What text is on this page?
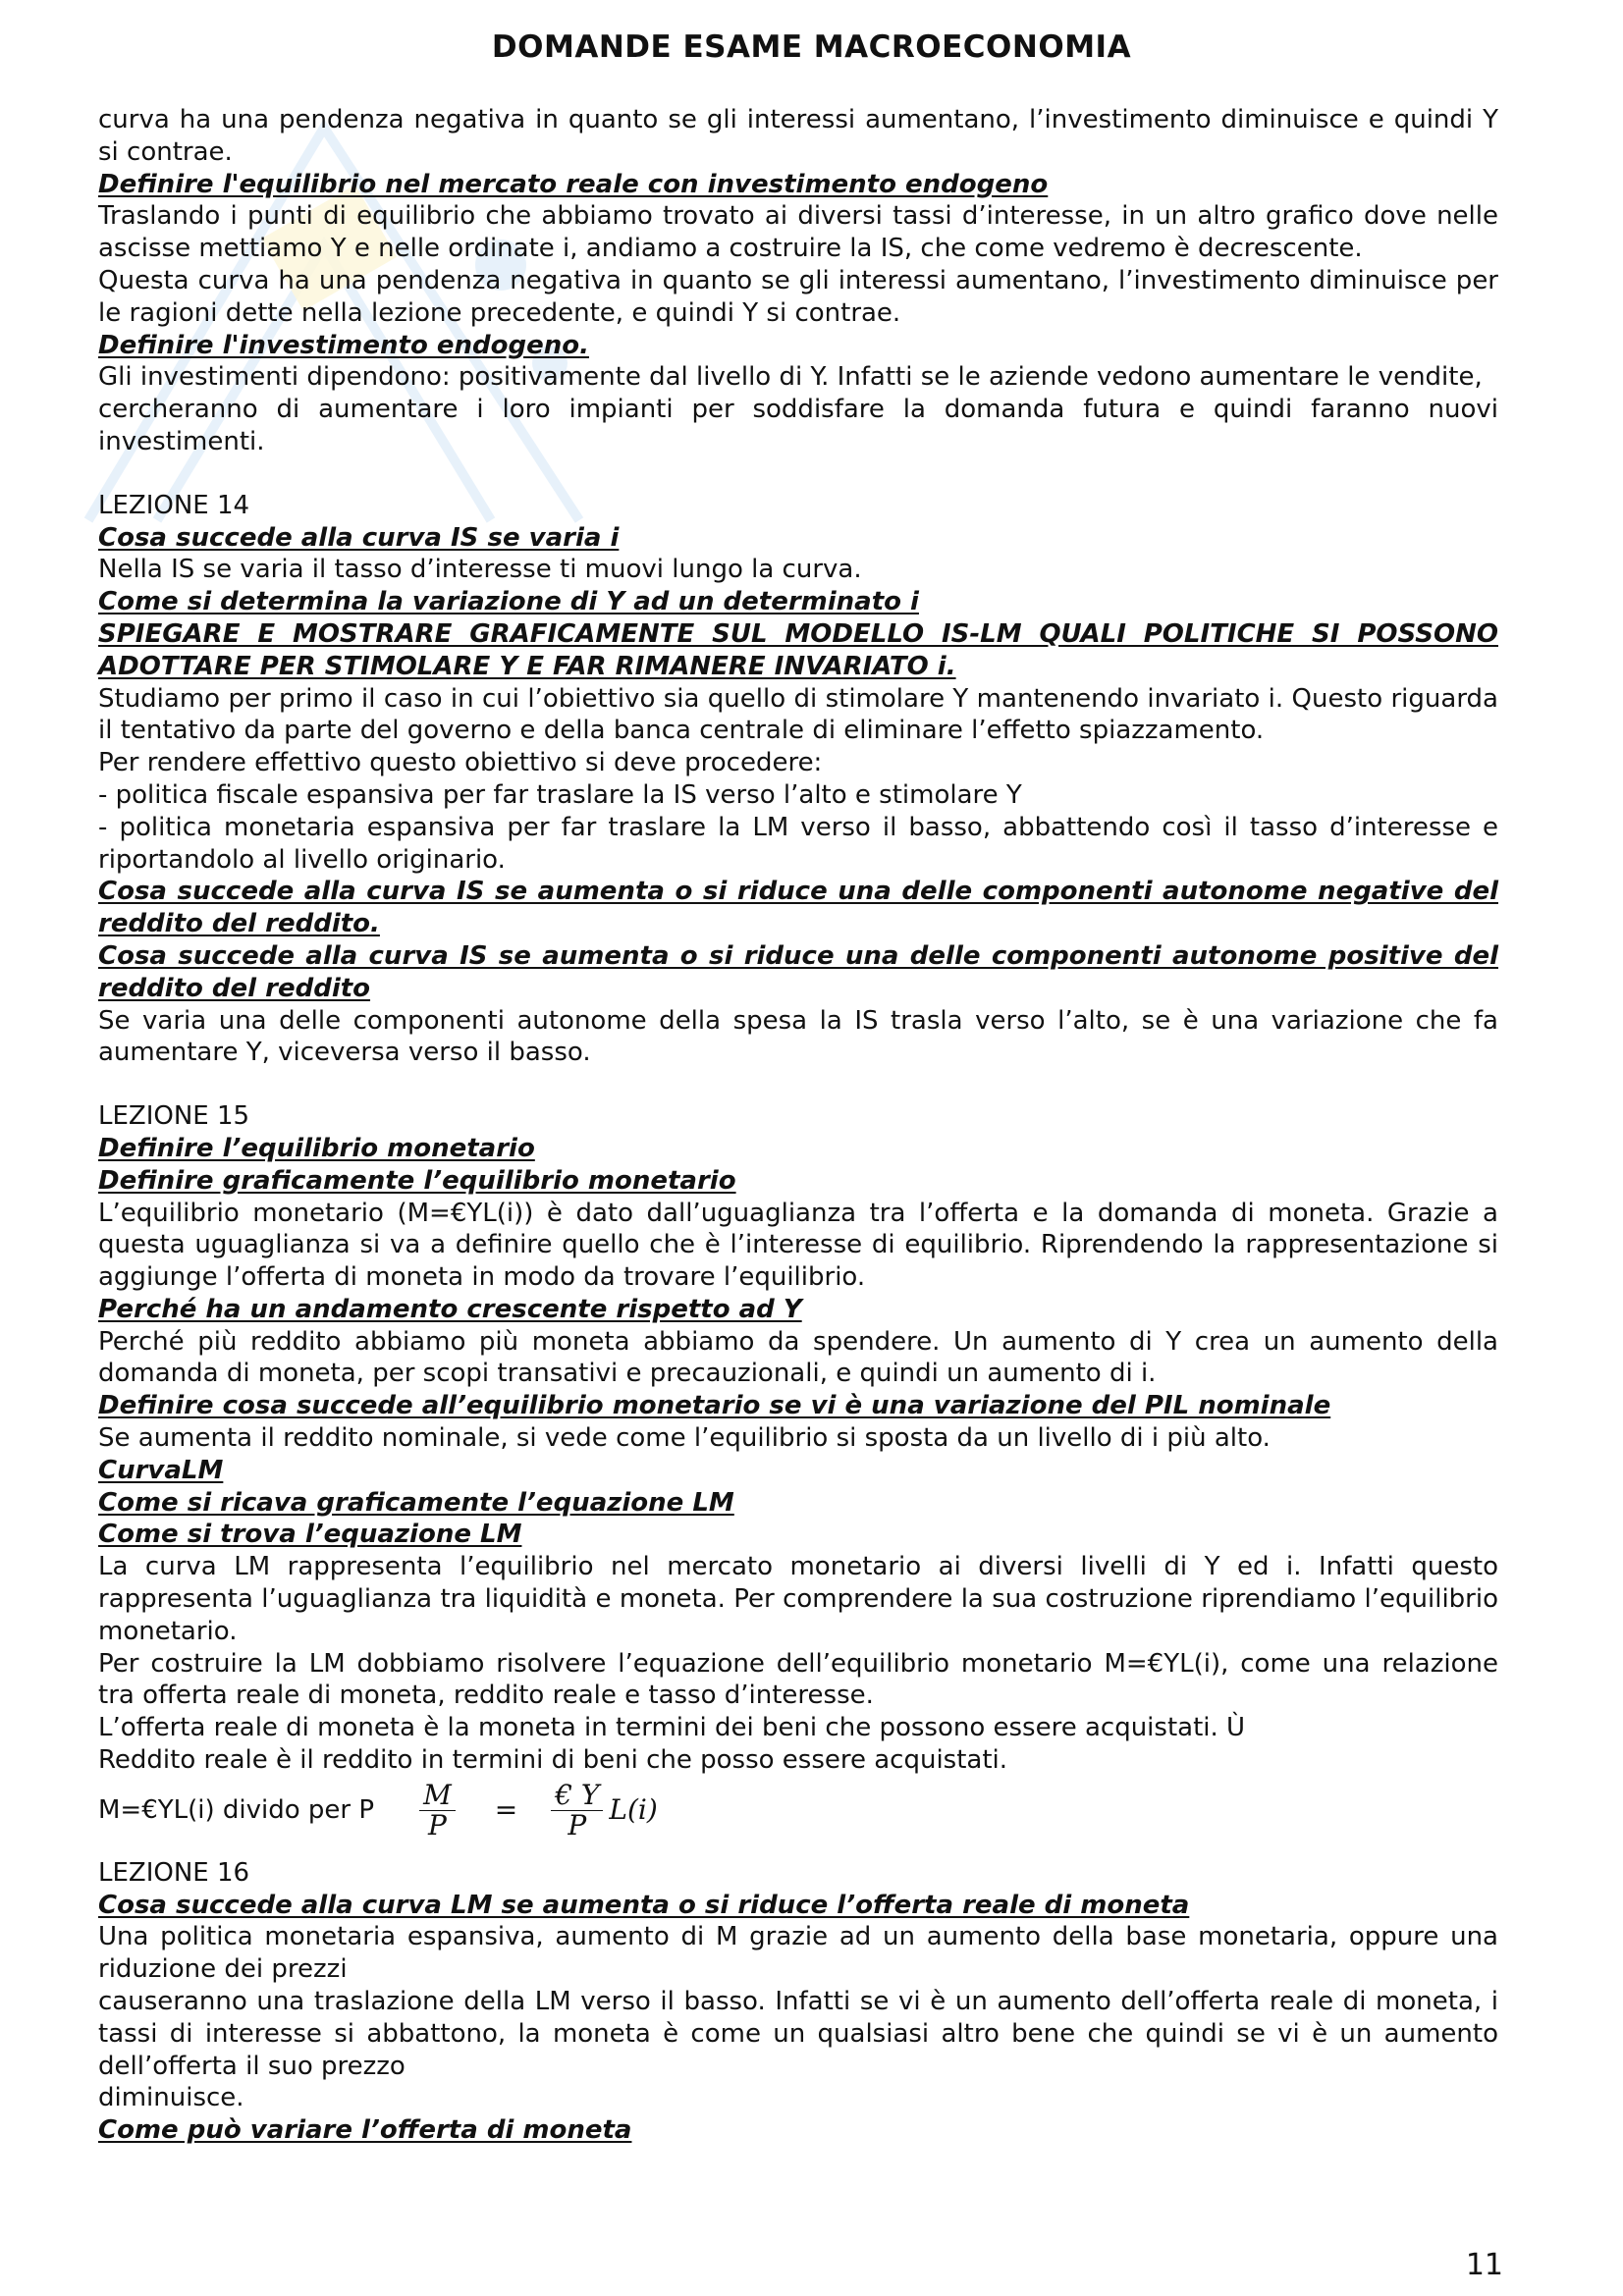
DOMANDE ESAME MACROECONOMIA

curva ha una pendenza negativa in quanto se gli interessi aumentano, l’investimento diminuisce e quindi Y si contrae.

Definire l'equilibrio nel mercato reale con investimento endogeno

Traslando i punti di equilibrio che abbiamo trovato ai diversi tassi d’interesse, in un altro grafico dove nelle ascisse mettiamo Y e nelle ordinate i, andiamo a costruire la IS, che come vedremo è decrescente.

Questa curva ha una pendenza negativa in quanto se gli interessi aumentano, l’investimento diminuisce per le ragioni dette nella lezione precedente, e quindi Y si contrae.

Definire l'investimento endogeno.

Gli investimenti dipendono: positivamente dal livello di Y. Infatti se le aziende vedono aumentare le vendite,

cercheranno di aumentare i loro impianti per soddisfare la domanda futura e quindi faranno nuovi investimenti.

LEZIONE 14

Cosa succede alla curva IS se varia i

Nella IS se varia il tasso d’interesse ti muovi lungo la curva.

Come si determina la variazione di Y ad un determinato i

SPIEGARE E MOSTRARE GRAFICAMENTE SUL MODELLO IS-LM QUALI POLITICHE SI POSSONO ADOTTARE PER STIMOLARE Y E FAR RIMANERE INVARIATO i.

Studiamo per primo il caso in cui l’obiettivo sia quello di stimolare Y mantenendo invariato i. Questo riguarda il tentativo da parte del governo e della banca centrale di eliminare l’effetto spiazzamento.

Per rendere effettivo questo obiettivo si deve procedere:

- politica fiscale espansiva per far traslare la IS verso l’alto e stimolare Y

- politica monetaria espansiva per far traslare la LM verso il basso, abbattendo così il tasso d’interesse e riportandolo al livello originario.

Cosa succede alla curva IS se aumenta o si riduce una delle componenti autonome negative del reddito del reddito.

Cosa succede alla curva IS se aumenta o si riduce una delle componenti autonome positive del reddito del reddito

Se varia una delle componenti autonome della spesa la IS trasla verso l’alto, se è una variazione che fa aumentare Y, viceversa verso il basso.

LEZIONE 15

Definire l’equilibrio monetario

Definire graficamente l’equilibrio monetario

L’equilibrio monetario (M=€YL(i)) è dato dall’uguaglianza tra l’offerta e la domanda di moneta. Grazie a questa uguaglianza si va a definire quello che è l’interesse di equilibrio. Riprendendo la rappresentazione si aggiunge l’offerta di moneta in modo da trovare l’equilibrio.

Perché ha un andamento crescente rispetto ad Y

Perché più reddito abbiamo più moneta abbiamo da spendere. Un aumento di Y crea un aumento della domanda di moneta, per scopi transativi e precauzionali, e quindi un aumento di i.

Definire cosa succede all’equilibrio monetario se vi è una variazione del PIL nominale

Se aumenta il reddito nominale, si vede come l’equilibrio si sposta da un livello di i più alto.

CurvaLM

Come si ricava graficamente l’equazione LM

Come si trova l’equazione LM

La curva LM rappresenta l’equilibrio nel mercato monetario ai diversi livelli di Y ed i. Infatti questo rappresenta l’uguaglianza tra liquidità e moneta. Per comprendere la sua costruzione riprendiamo l’equilibrio monetario.

Per costruire la LM dobbiamo risolvere l’equazione dell’equilibrio monetario M=€YL(i), come una relazione tra offerta reale di moneta, reddito reale e tasso d’interesse.

L’offerta reale di moneta è la moneta in termini dei beni che possono essere acquistati. Ù

Reddito reale è il reddito in termini di beni che posso essere acquistati.

M=€YL(i) divido per P $\frac{M}{P} = \frac{€ Y}{P} L(i)$

LEZIONE 16

Cosa succede alla curva LM se aumenta o si riduce l’offerta reale di moneta

Una politica monetaria espansiva, aumento di M grazie ad un aumento della base monetaria, oppure una riduzione dei prezzi

causeranno una traslazione della LM verso il basso. Infatti se vi è un aumento dell’offerta reale di moneta, i tassi di interesse si abbattono, la moneta è come un qualsiasi altro bene che quindi se vi è un aumento dell’offerta il suo prezzo

diminuisce.

Come può variare l’offerta di moneta

11
